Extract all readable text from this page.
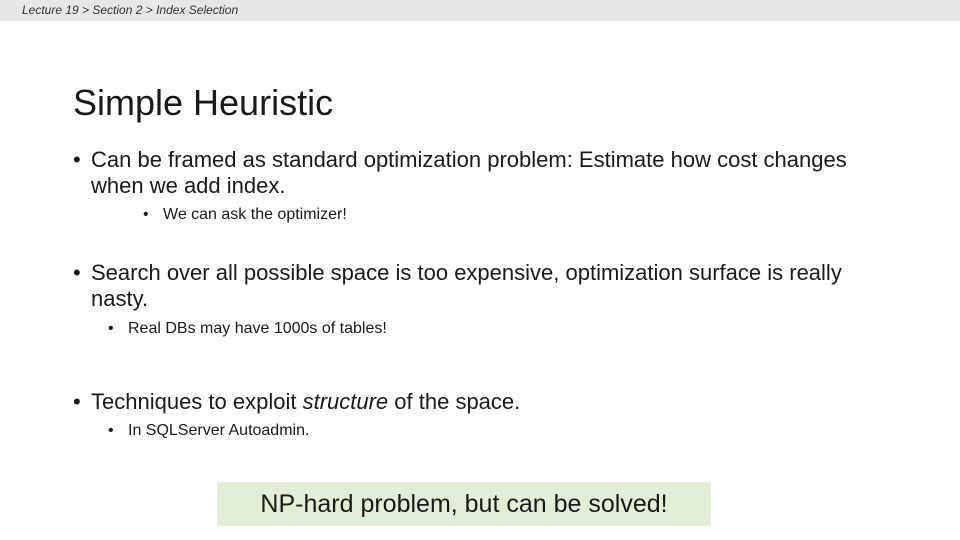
Lecture 19 > Section 2 > Index Selection
Simple Heuristic
• Can be framed as standard optimization problem: Estimate how cost changes when we add index.
• We can ask the optimizer!
• Search over all possible space is too expensive, optimization surface is really nasty.
• Real DBs may have 1000s of tables!
• Techniques to exploit structure of the space.
• In SQLServer Autoadmin.
NP-hard problem, but can be solved!
